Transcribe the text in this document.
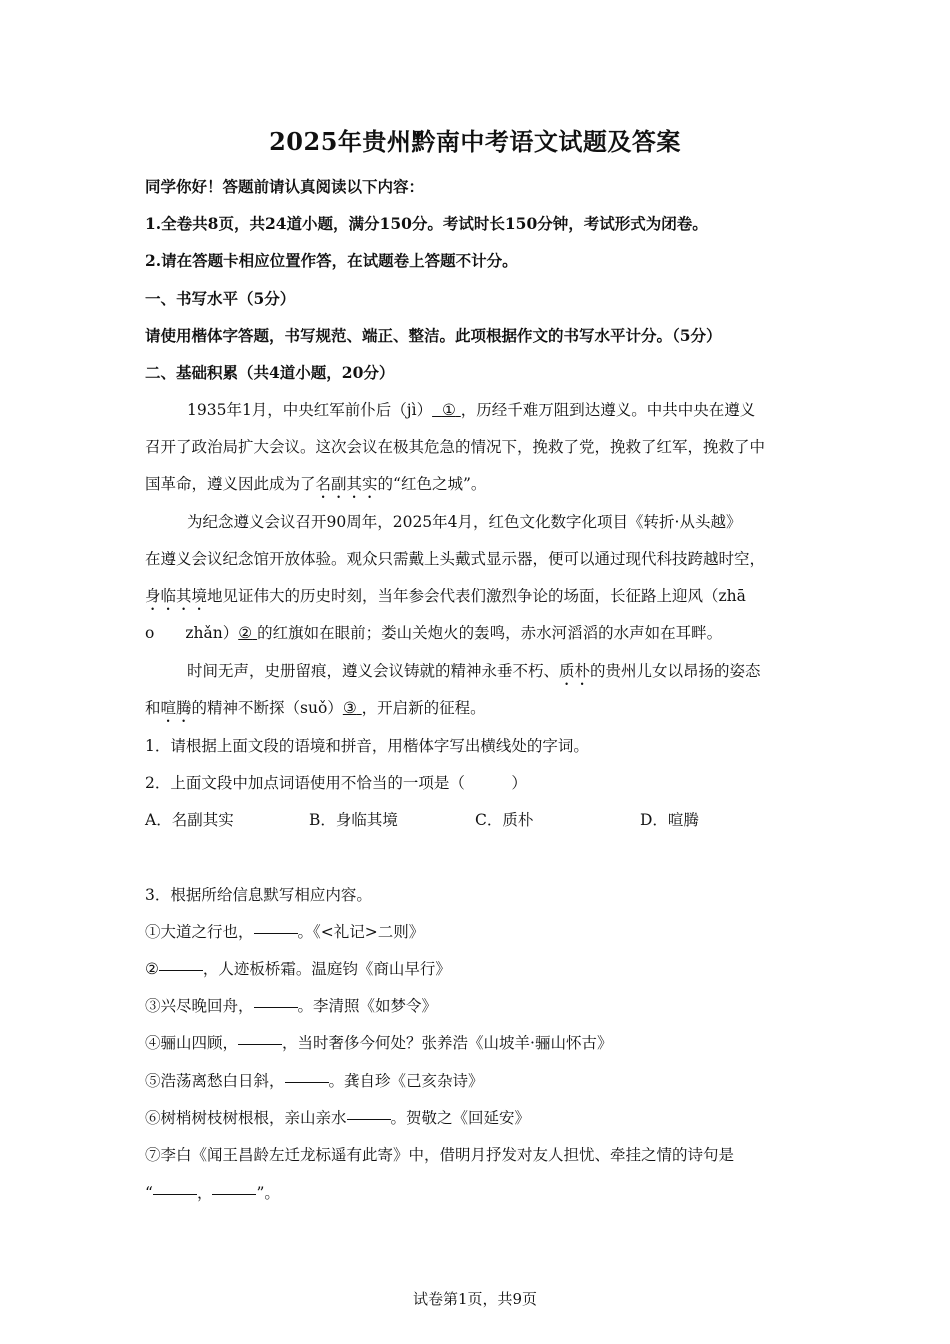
2025年贵州黔南中考语文试题及答案
同学你好！答题前请认真阅读以下内容：
1.全卷共8页，共24道小题，满分150分。考试时长150分钟，考试形式为闭卷。
2.请在答题卡相应位置作答，在试题卷上答题不计分。
一、书写水平（5分）
请使用楷体字答题，书写规范、端正、整洁。此项根据作文的书写水平计分。（5分）
二、基础积累（共4道小题，20分）
1935年1月，中央红军前仆后（jì） ① ，历经千难万阻到达遵义。中共中央在遵义
召开了政治局扩大会议。这次会议在极其危急的情况下，挽救了党，挽救了红军，挽救了中
国革命，遵义因此成为了名副其实的“红色之城”。
为纪念遵义会议召开90周年，2025年4月，红色文化数字化项目《转折·从头越》
在遵义会议纪念馆开放体验。观众只需戴上头戴式显示器，便可以通过现代科技跨越时空，
身临其境地见证伟大的历史时刻，当年参会代表们激烈争论的场面，长征路上迎风（zhā
o　　zhǎn）② 的红旗如在眼前；娄山关炮火的轰鸣，赤水河滔滔的水声如在耳畔。
时间无声，史册留痕，遵义会议铸就的精神永垂不朽、质朴的贵州儿女以昂扬的姿态
和喧腾的精神不断探（suǒ）③ ，开启新的征程。
1．请根据上面文段的语境和拼音，用楷体字写出横线处的字词。
2．上面文段中加点词语使用不恰当的一项是（　　　）
A．名副其实	B．身临其境	C．质朴	D．喧腾
3．根据所给信息默写相应内容。
①大道之行也，	。《<礼记>二则》
②	，人迹板桥霜。温庭钧《商山早行》
③兴尽晚回舟，	。李清照《如梦令》
④骊山四顾，	，当时奢侈今何处？张养浩《山坡羊·骊山怀古》
⑤浩荡离愁白日斜，	。龚自珍《己亥杂诗》
⑥树梢树枝树根根，亲山亲水	。贺敬之《回延安》
⑦李白《闻王昌龄左迁龙标遥有此寄》中，借明月抒发对友人担忧、牵挂之情的诗句是
“	，	”。
试卷第1页，共9页
